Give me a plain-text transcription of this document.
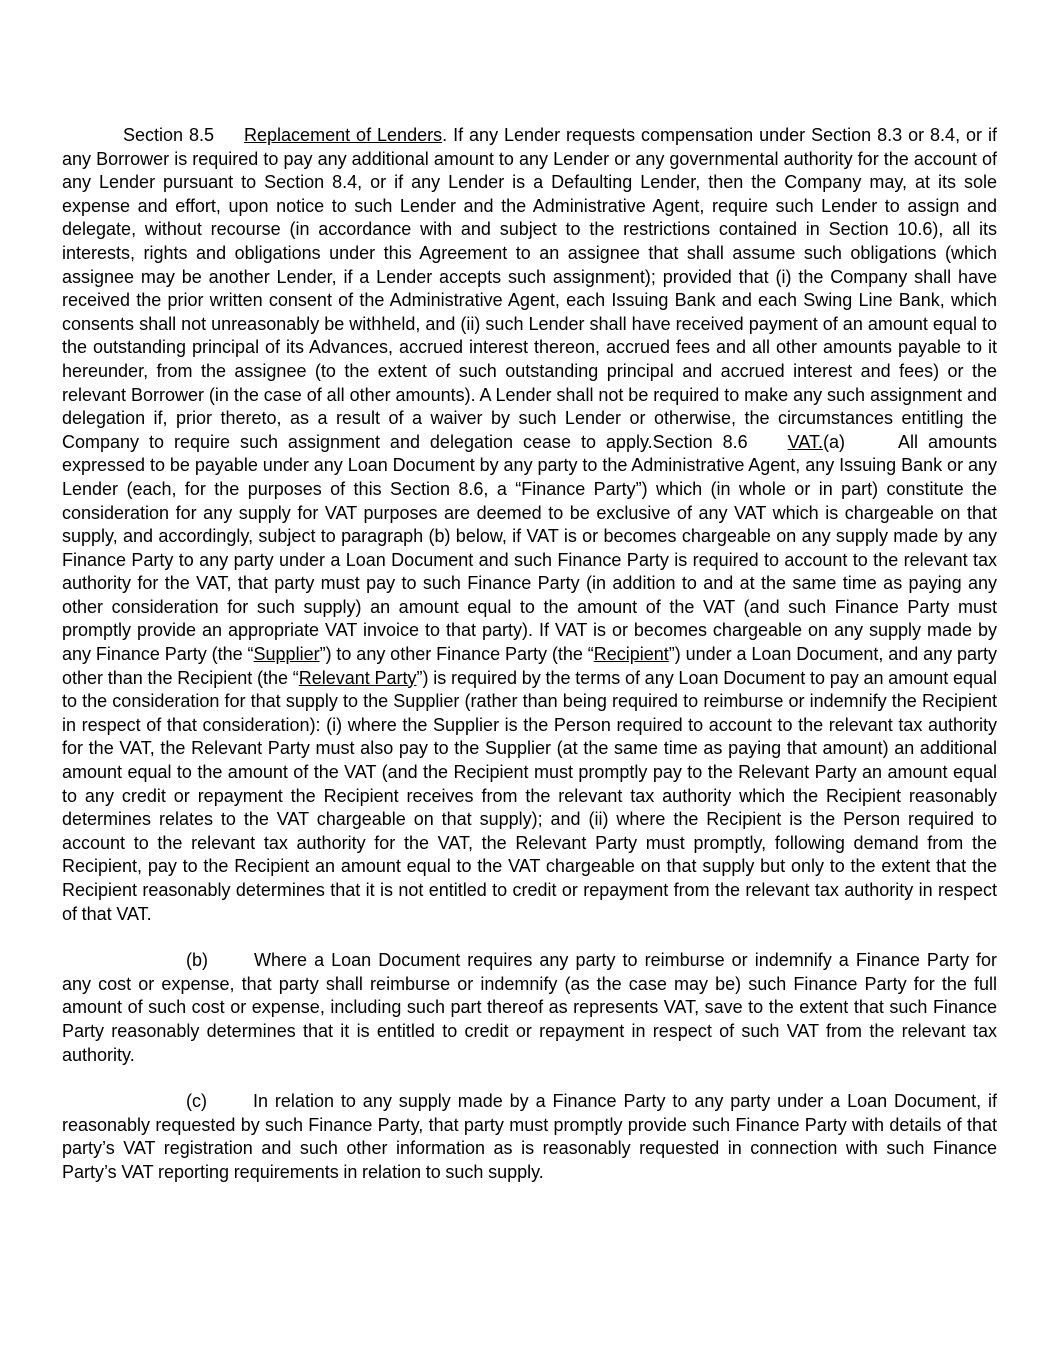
Section 8.5 Replacement of Lenders. If any Lender requests compensation under Section 8.3 or 8.4, or if any Borrower is required to pay any additional amount to any Lender or any governmental authority for the account of any Lender pursuant to Section 8.4, or if any Lender is a Defaulting Lender, then the Company may, at its sole expense and effort, upon notice to such Lender and the Administrative Agent, require such Lender to assign and delegate, without recourse (in accordance with and subject to the restrictions contained in Section 10.6), all its interests, rights and obligations under this Agreement to an assignee that shall assume such obligations (which assignee may be another Lender, if a Lender accepts such assignment); provided that (i) the Company shall have received the prior written consent of the Administrative Agent, each Issuing Bank and each Swing Line Bank, which consents shall not unreasonably be withheld, and (ii) such Lender shall have received payment of an amount equal to the outstanding principal of its Advances, accrued interest thereon, accrued fees and all other amounts payable to it hereunder, from the assignee (to the extent of such outstanding principal and accrued interest and fees) or the relevant Borrower (in the case of all other amounts). A Lender shall not be required to make any such assignment and delegation if, prior thereto, as a result of a waiver by such Lender or otherwise, the circumstances entitling the Company to require such assignment and delegation cease to apply.Section 8.6 VAT.(a)	All amounts expressed to be payable under any Loan Document by any party to the Administrative Agent, any Issuing Bank or any Lender (each, for the purposes of this Section 8.6, a “Finance Party”) which (in whole or in part) constitute the consideration for any supply for VAT purposes are deemed to be exclusive of any VAT which is chargeable on that supply, and accordingly, subject to paragraph (b) below, if VAT is or becomes chargeable on any supply made by any Finance Party to any party under a Loan Document and such Finance Party is required to account to the relevant tax authority for the VAT, that party must pay to such Finance Party (in addition to and at the same time as paying any other consideration for such supply) an amount equal to the amount of the VAT (and such Finance Party must promptly provide an appropriate VAT invoice to that party). If VAT is or becomes chargeable on any supply made by any Finance Party (the “Supplier”) to any other Finance Party (the “Recipient”) under a Loan Document, and any party other than the Recipient (the “Relevant Party”) is required by the terms of any Loan Document to pay an amount equal to the consideration for that supply to the Supplier (rather than being required to reimburse or indemnify the Recipient in respect of that consideration): (i) where the Supplier is the Person required to account to the relevant tax authority for the VAT, the Relevant Party must also pay to the Supplier (at the same time as paying that amount) an additional amount equal to the amount of the VAT (and the Recipient must promptly pay to the Relevant Party an amount equal to any credit or repayment the Recipient receives from the relevant tax authority which the Recipient reasonably determines relates to the VAT chargeable on that supply); and (ii) where the Recipient is the Person required to account to the relevant tax authority for the VAT, the Relevant Party must promptly, following demand from the Recipient, pay to the Recipient an amount equal to the VAT chargeable on that supply but only to the extent that the Recipient reasonably determines that it is not entitled to credit or repayment from the relevant tax authority in respect of that VAT.

(b)	Where a Loan Document requires any party to reimburse or indemnify a Finance Party for any cost or expense, that party shall reimburse or indemnify (as the case may be) such Finance Party for the full amount of such cost or expense, including such part thereof as represents VAT, save to the extent that such Finance Party reasonably determines that it is entitled to credit or repayment in respect of such VAT from the relevant tax authority.

(c)	In relation to any supply made by a Finance Party to any party under a Loan Document, if reasonably requested by such Finance Party, that party must promptly provide such Finance Party with details of that party’s VAT registration and such other information as is reasonably requested in connection with such Finance Party’s VAT reporting requirements in relation to such supply.
